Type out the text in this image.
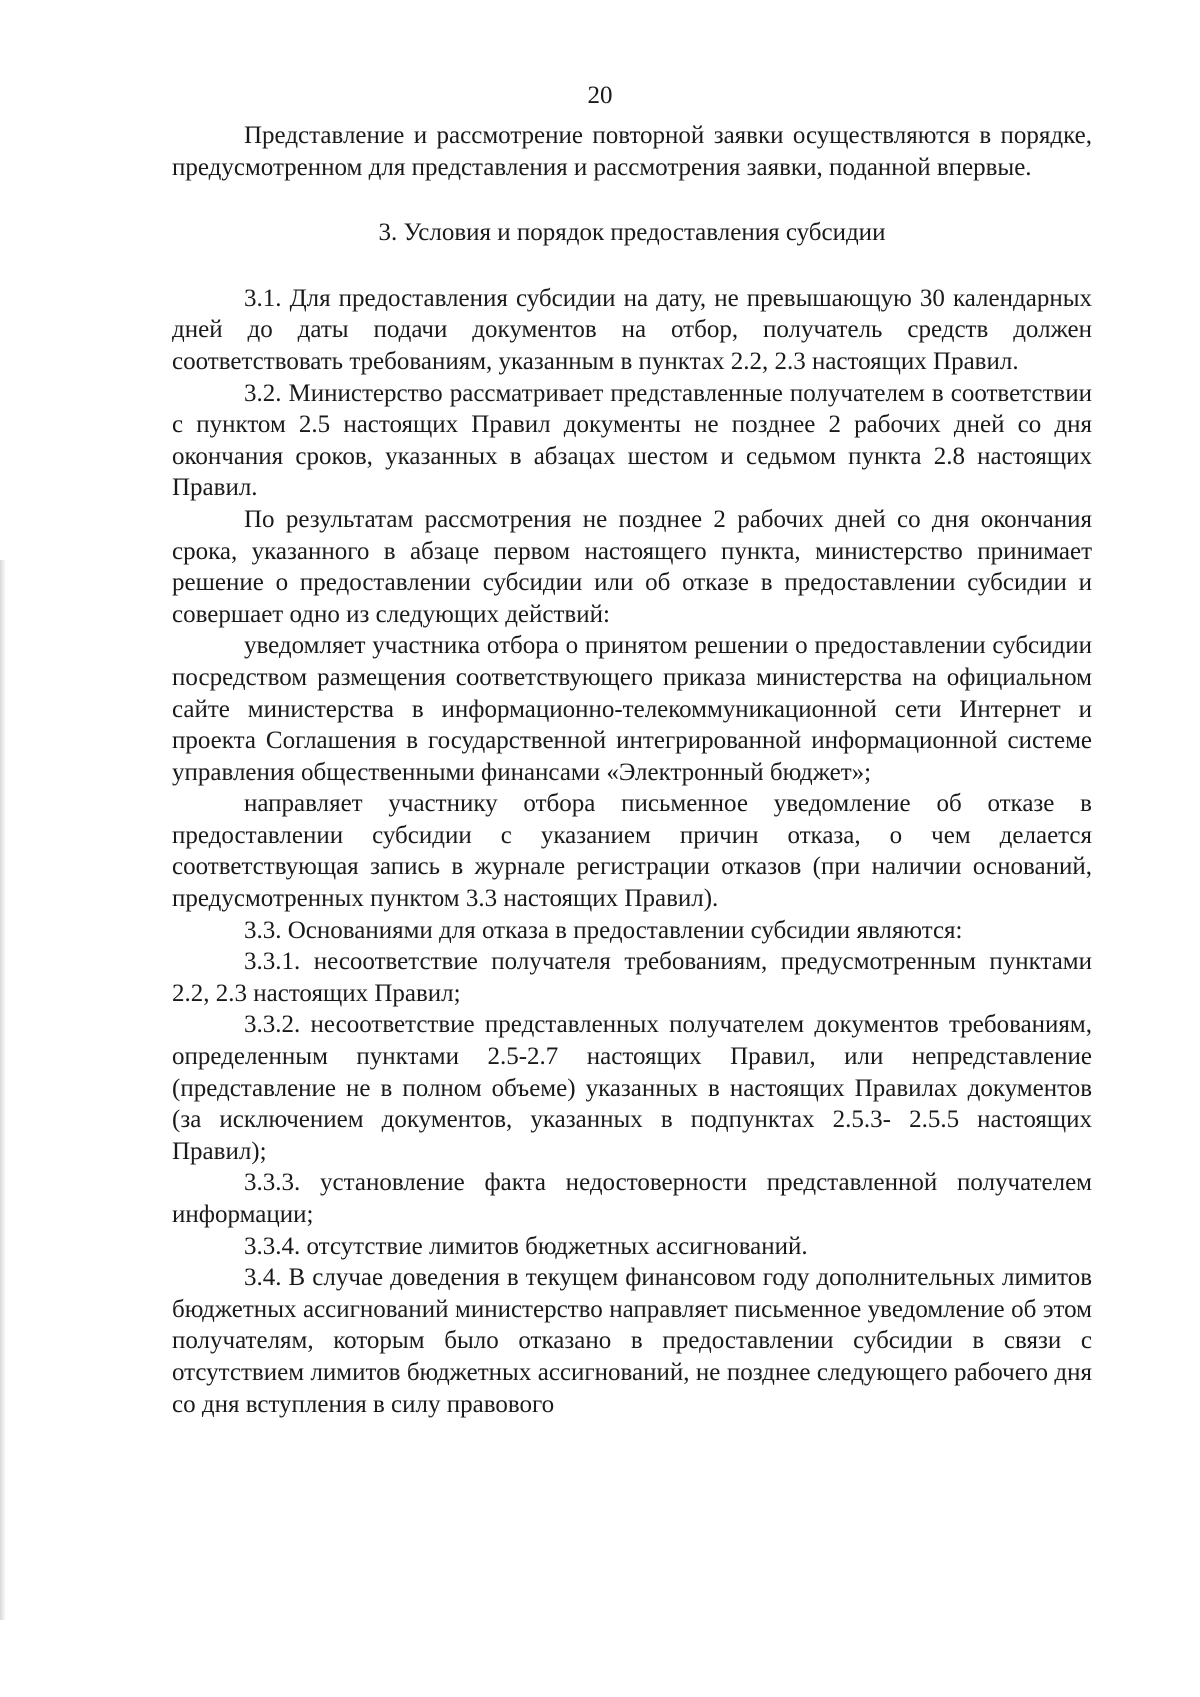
20

Представление и рассмотрение повторной заявки осуществляются в порядке, предусмотренном для представления и рассмотрения заявки, поданной впервые.

3. Условия и порядок предоставления субсидии

3.1. Для предоставления субсидии на дату, не превышающую 30 календарных дней до даты подачи документов на отбор, получатель средств должен соответствовать требованиям, указанным в пунктах 2.2, 2.3 настоящих Правил.

3.2. Министерство рассматривает представленные получателем в соответствии с пунктом 2.5 настоящих Правил документы не позднее 2 рабочих дней со дня окончания сроков, указанных в абзацах шестом и седьмом пункта 2.8 настоящих Правил.

По результатам рассмотрения не позднее 2 рабочих дней со дня окончания срока, указанного в абзаце первом настоящего пункта, министерство принимает решение о предоставлении субсидии или об отказе в предоставлении субсидии и совершает одно из следующих действий:

уведомляет участника отбора о принятом решении о предоставлении субсидии посредством размещения соответствующего приказа министерства на официальном сайте министерства в информационно-телекоммуникационной сети Интернет и проекта Соглашения в государственной интегрированной информационной системе управления общественными финансами «Электронный бюджет»;

направляет участнику отбора письменное уведомление об отказе в предоставлении субсидии с указанием причин отказа, о чем делается соответствующая запись в журнале регистрации отказов (при наличии оснований, предусмотренных пунктом 3.3 настоящих Правил).

3.3. Основаниями для отказа в предоставлении субсидии являются:

3.3.1. несоответствие получателя требованиям, предусмотренным пунктами 2.2, 2.3 настоящих Правил;

3.3.2. несоответствие представленных получателем документов требованиям, определенным пунктами 2.5-2.7 настоящих Правил, или непредставление (представление не в полном объеме) указанных в настоящих Правилах документов (за исключением документов, указанных в подпунктах 2.5.3- 2.5.5 настоящих Правил);

3.3.3. установление факта недостоверности представленной получателем информации;

3.3.4. отсутствие лимитов бюджетных ассигнований.

3.4. В случае доведения в текущем финансовом году дополнительных лимитов бюджетных ассигнований министерство направляет письменное уведомление об этом получателям, которым было отказано в предоставлении субсидии в связи с отсутствием лимитов бюджетных ассигнований, не позднее следующего рабочего дня со дня вступления в силу правового
